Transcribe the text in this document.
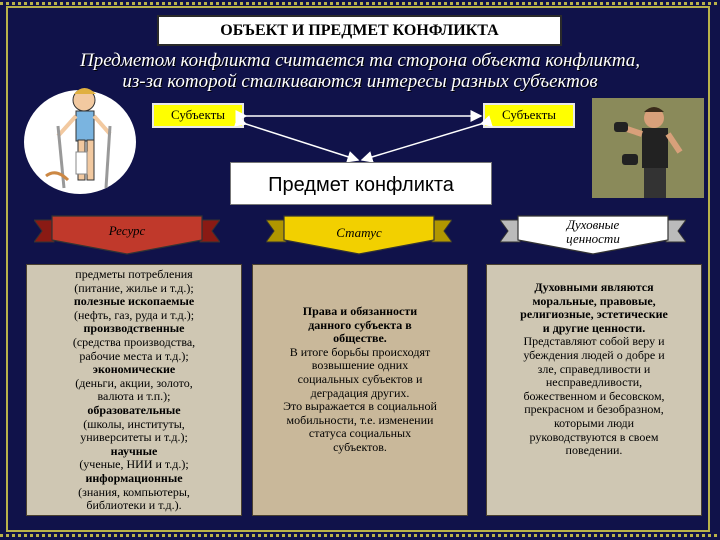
ОБЪЕКТ И ПРЕДМЕТ КОНФЛИКТА
Предметом конфликта считается та сторона объекта конфликта,
из-за которой сталкиваются интересы разных субъектов
Субъекты	Субъекты
Предмет конфликта
Ресурс	Статус
Духовные
ценности
предметы потребления
(питание, жилье и т.д.);
полезные ископаемые
(нефть, газ, руда и т.д.);
производственные
(средства производства,
рабочие места и т.д.);
экономические
(деньги, акции, золото,
валюта и т.п.);
образовательные
(школы, институты,
университеты и т.д.);
научные
(ученые, НИИ и т.д.);
информационные
(знания, компьютеры,
библиотеки и т.д.).
Права и обязанности
данного субъекта в
обществе.
В итоге борьбы происходят
возвышение одних
социальных субъектов и
деградация других.
Это выражается в социальной
мобильности, т.е. изменении
статуса социальных
субъектов.
Духовными являются
моральные, правовые,
религиозные, эстетические
и другие ценности.
Представляют собой веру и
убеждения людей о добре и
зле, справедливости и
несправедливости,
божественном и бесовском,
прекрасном и безобразном,
которыми люди
руководствуются в своем
поведении.
